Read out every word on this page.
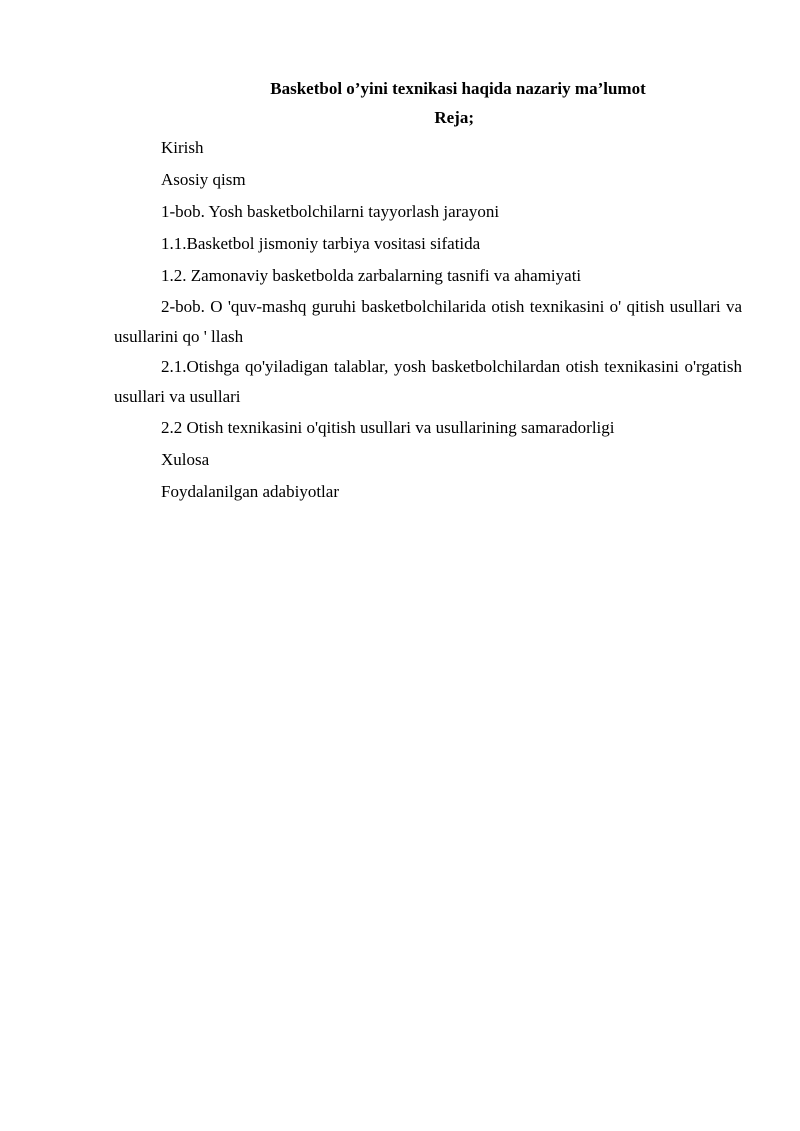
Basketbol o’yini texnikasi haqida nazariy ma’lumot

Reja;

Kirish
Asosiy qism
1-bob. Yosh basketbolchilarni tayyorlash jarayoni
1.1.Basketbol jismoniy tarbiya vositasi sifatida
1.2. Zamonaviy basketbolda zarbalarning tasnifi va ahamiyati
2-bob. O 'quv-mashq guruhi basketbolchilarida otish texnikasini o' qitish usullari va usullarini qo ' llash
2.1.Otishga qo'yiladigan talablar, yosh basketbolchilardan otish texnikasini o'rgatish usullari va usullari
2.2 Otish texnikasini o'qitish usullari va usullarining samaradorligi
Xulosa
Foydalanilgan adabiyotlar
